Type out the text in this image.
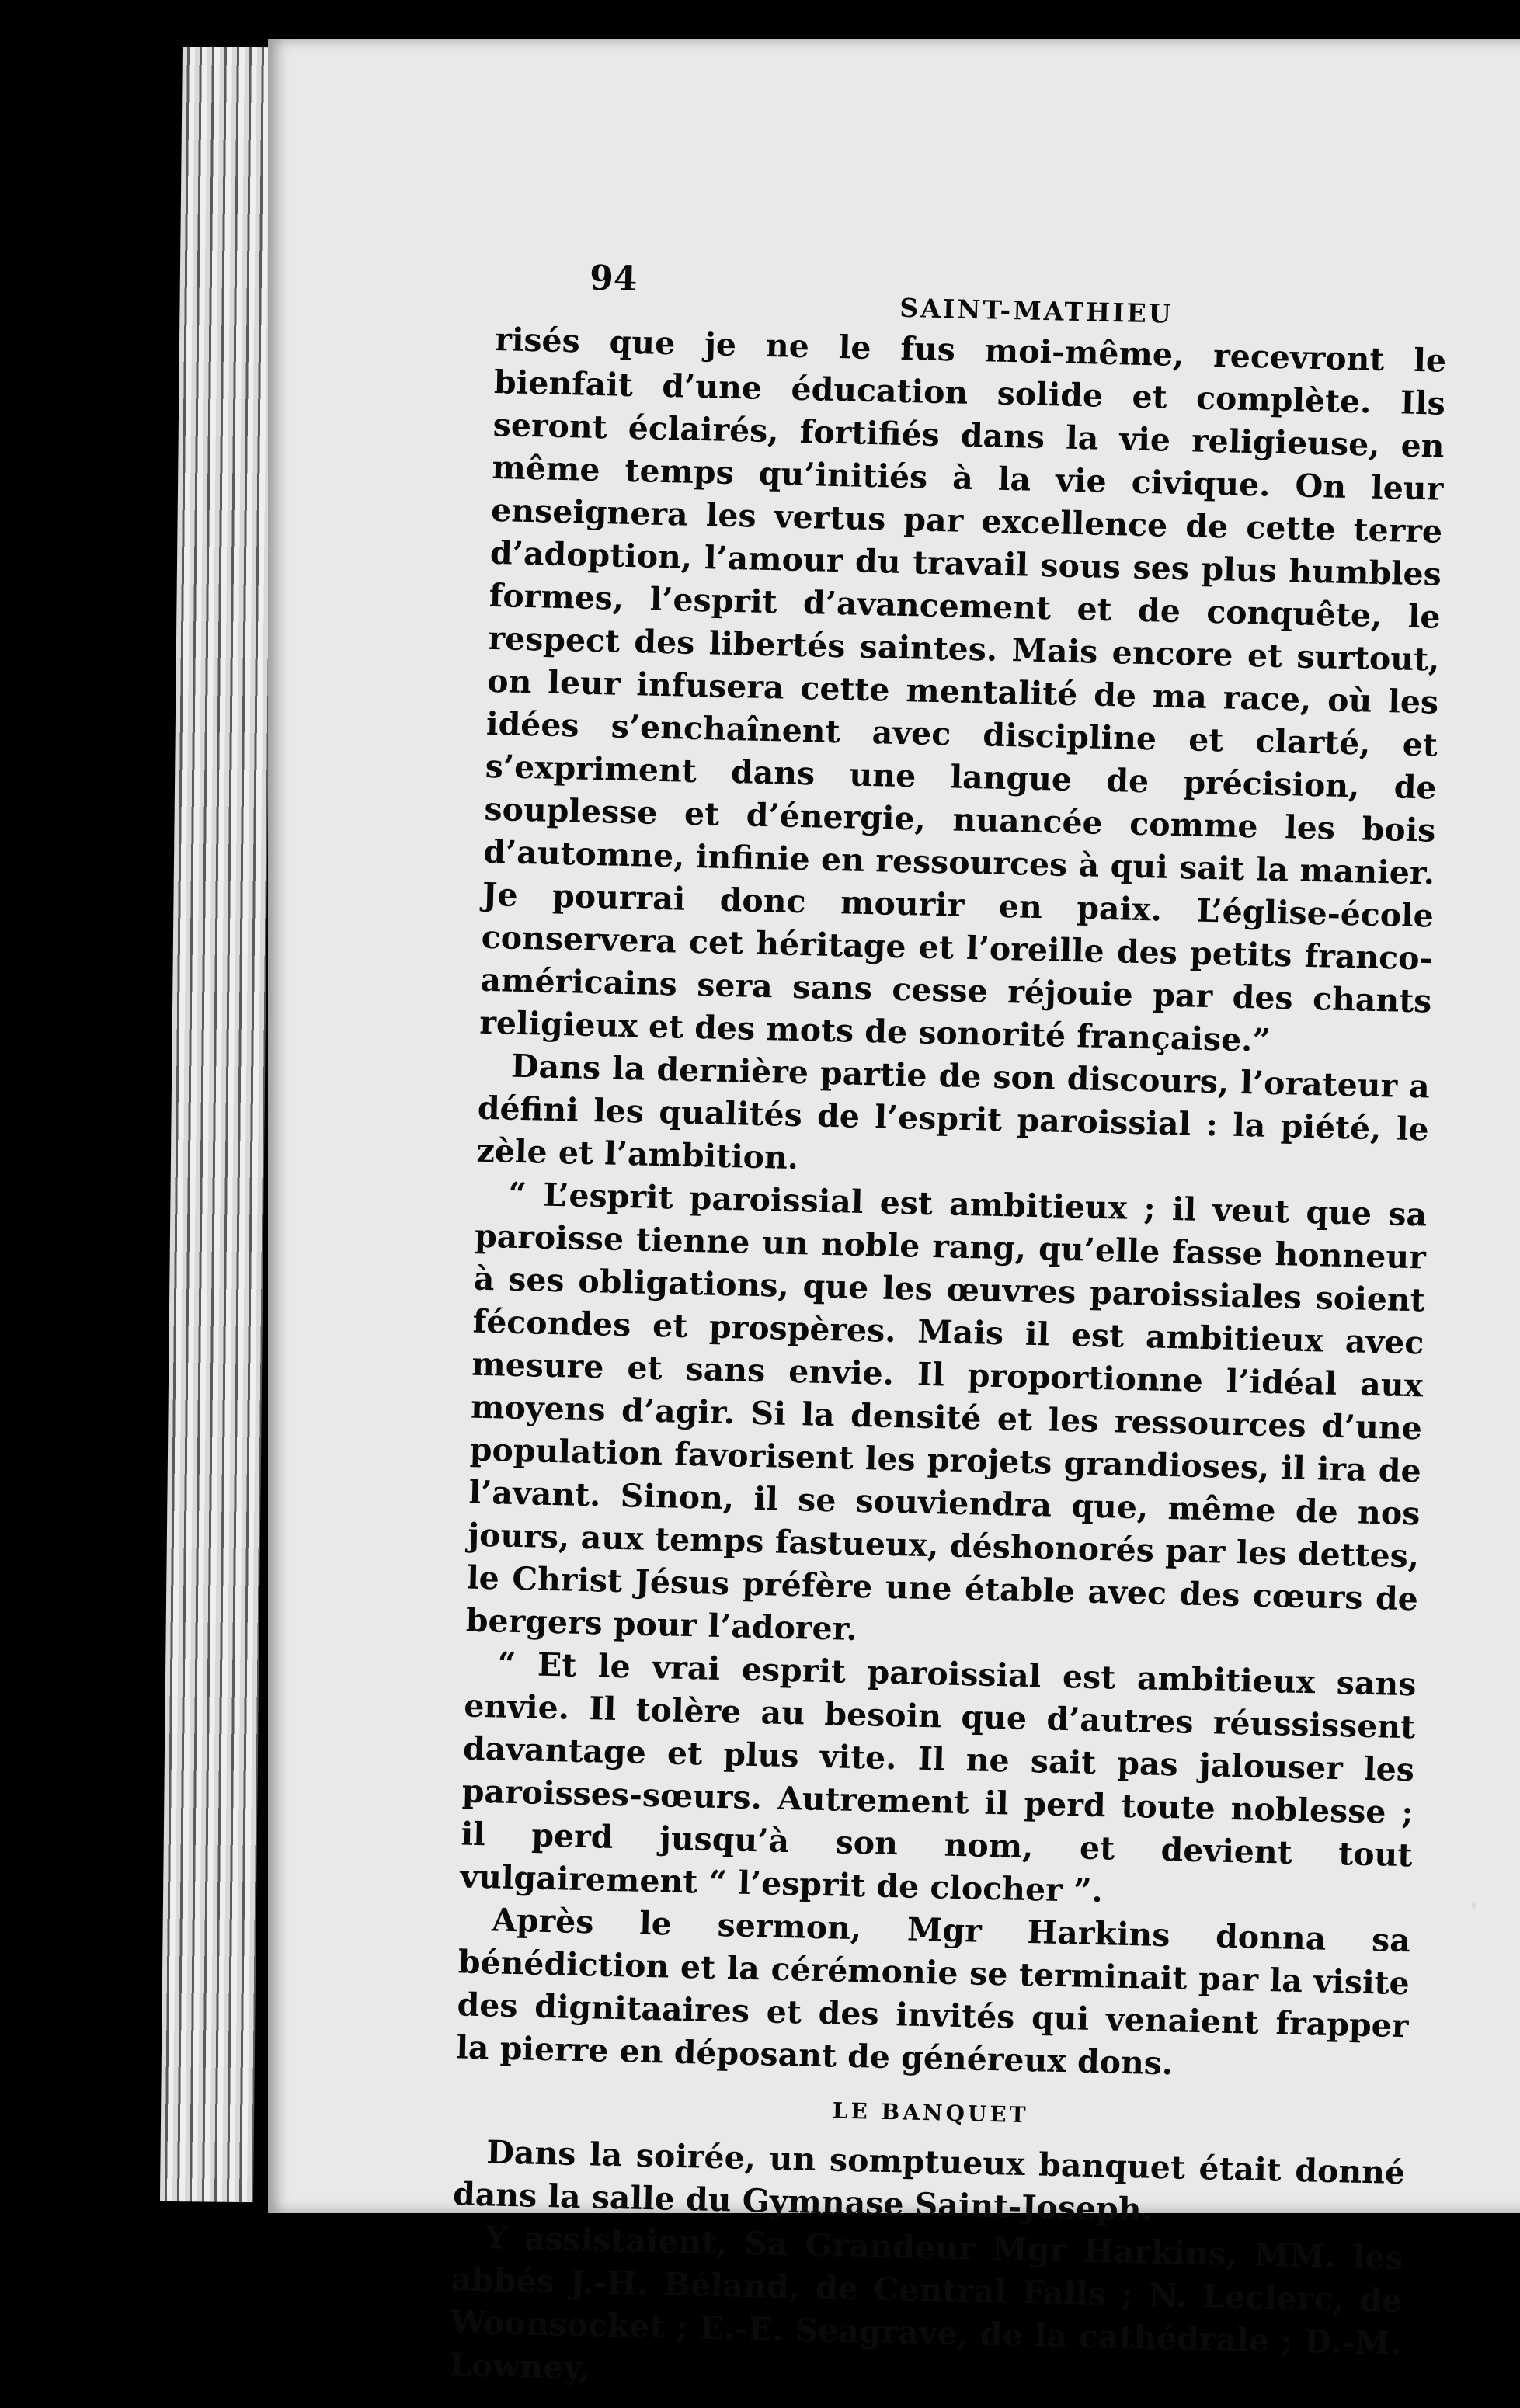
94
SAINT-MATHIEU

risés que je ne le fus moi-même, recevront le bienfait d’une éducation solide et complète. Ils seront éclairés, fortifiés dans la vie religieuse, en même temps qu’initiés à la vie civique. On leur enseignera les vertus par excellence de cette terre d’adoption, l’amour du travail sous ses plus humbles formes, l’esprit d’avancement et de conquête, le respect des libertés saintes. Mais encore et surtout, on leur infusera cette mentalité de ma race, où les idées s’enchaînent avec discipline et clarté, et s’expriment dans une langue de précision, de souplesse et d’énergie, nuancée comme les bois d’automne, infinie en ressources à qui sait la manier. Je pourrai donc mourir en paix. L’église-école conservera cet héritage et l’oreille des petits franco-américains sera sans cesse réjouie par des chants religieux et des mots de sonorité française.”

Dans la dernière partie de son discours, l’orateur a défini les qualités de l’esprit paroissial : la piété, le zèle et l’ambition.

“ L’esprit paroissial est ambitieux ; il veut que sa paroisse tienne un noble rang, qu’elle fasse honneur à ses obligations, que les œuvres paroissiales soient fécondes et prospères. Mais il est ambitieux avec mesure et sans envie. Il proportionne l’idéal aux moyens d’agir. Si la densité et les ressources d’une population favorisent les projets grandioses, il ira de l’avant. Sinon, il se souviendra que, même de nos jours, aux temps fastueux, déshonorés par les dettes, le Christ Jésus préfère une étable avec des cœurs de bergers pour l’adorer.

“ Et le vrai esprit paroissial est ambitieux sans envie. Il tolère au besoin que d’autres réussissent davantage et plus vite. Il ne sait pas jalouser les paroisses-sœurs. Autrement il perd toute noblesse ; il perd jusqu’à son nom, et devient tout vulgairement “ l’esprit de clocher ”.

Après le sermon, Mgr Harkins donna sa bénédiction et la cérémonie se terminait par la visite des dignitaaires et des invités qui venaient frapper la pierre en déposant de généreux dons.

LE BANQUET

Dans la soirée, un somptueux banquet était donné dans la salle du Gymnase Saint-Joseph.

Y assistaient, Sa Grandeur Mgr Harkins, MM. les abbés J.-H. Béland, de Central Falls ; N. Leclerc, de Woonsocket ; E.-E. Seagrave, de la cathédrale ; D.-M. Lowney,
